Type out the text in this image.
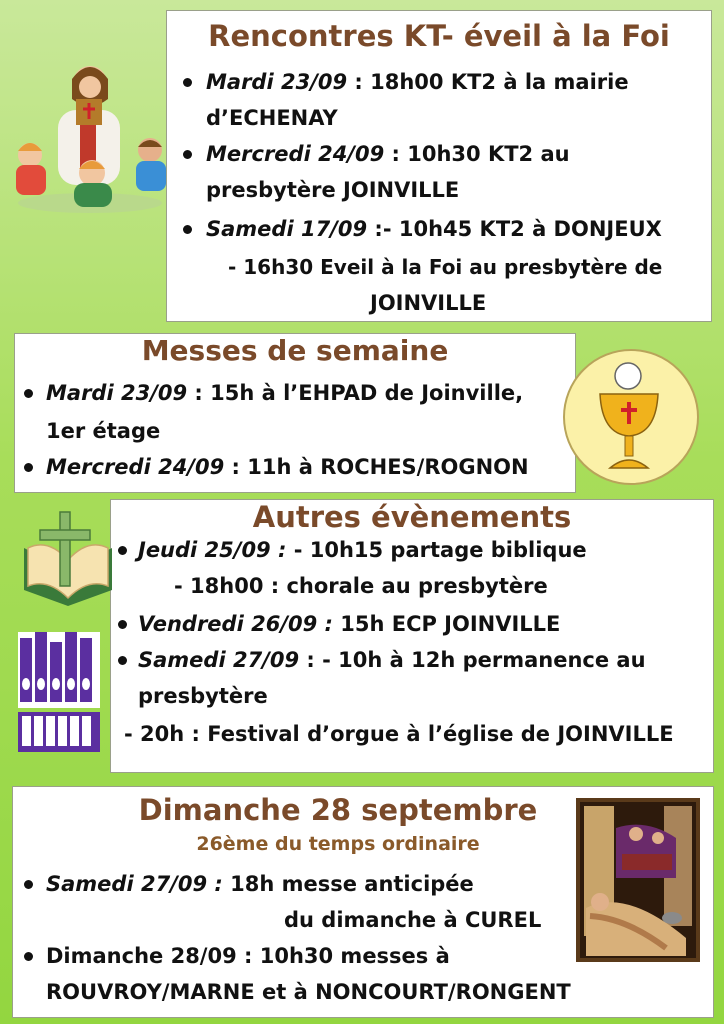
Rencontres KT- éveil à la Foi
Mardi 23/09 : 18h00 KT2 à la mairie
d’ECHENAY
Mercredi 24/09 : 10h30 KT2 au
presbytère JOINVILLE
Samedi 17/09 :- 10h45 KT2 à DONJEUX
- 16h30 Eveil à la Foi au presbytère de
JOINVILLE
Messes de semaine
Mardi 23/09 : 15h à l’EHPAD de Joinville,
1er étage
Mercredi 24/09 : 11h à ROCHES/ROGNON
Autres évènements
Jeudi 25/09 : - 10h15 partage biblique
- 18h00 : chorale au presbytère
Vendredi 26/09 : 15h ECP JOINVILLE
Samedi 27/09 : - 10h à 12h permanence au
presbytère
- 20h : Festival d’orgue à l’église de JOINVILLE
Dimanche 28 septembre
26ème du temps ordinaire
Samedi 27/09 : 18h messe anticipée
du dimanche à CUREL
Dimanche 28/09 : 10h30 messes à
ROUVROY/MARNE et à NONCOURT/RONGENT
